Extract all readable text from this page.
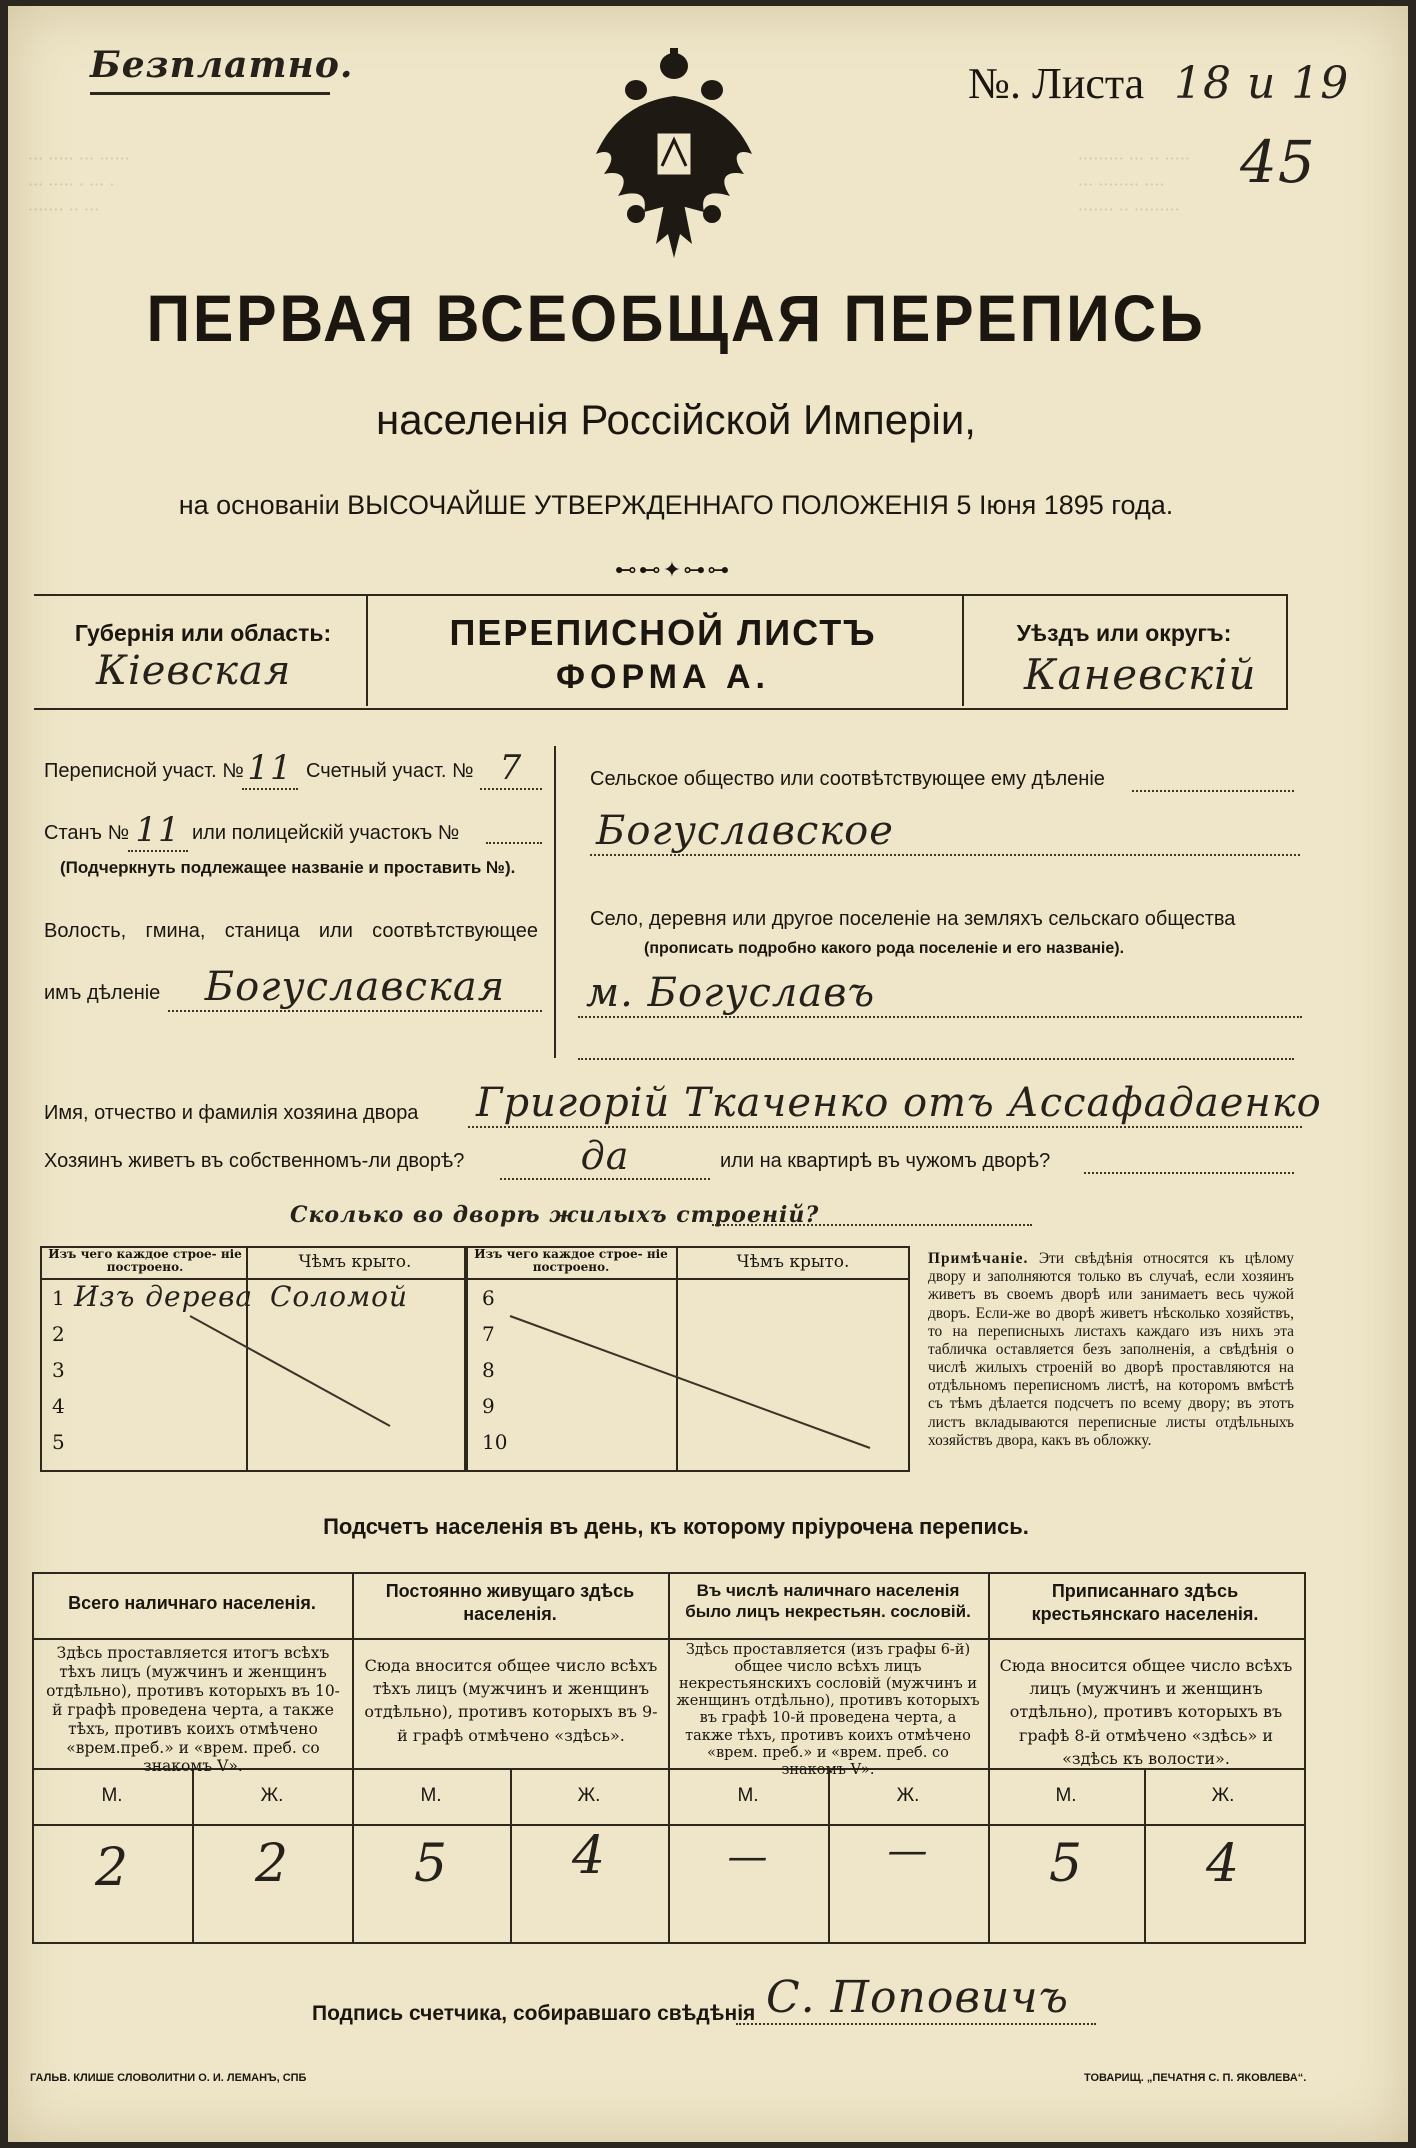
··· ····· ··· ······
··· ····· · ··· ·
······· ·· ···
········· ··· ·· ·····
··· ········ ····
······· ·· ·········
Безплатно.	№. Листа 18 и 19
45
ПЕРВАЯ ВСЕОБЩАЯ ПЕРЕПИСЬ
населенія Россійской Имперіи,
на основаніи ВЫСОЧАЙШЕ УТВЕРЖДЕННАГО ПОЛОЖЕНІЯ 5 Іюня 1895 года.
⊷⊷✦⊶⊶
Губернія или область:
Кіевская
ПЕРЕПИСНОЙ ЛИСТЪ
ФОРМА А.
Уѣздъ или округъ:
Каневскій
Переписной участ. № 11 Счетный участ. № 7
Станъ № 11 или полицейскій участокъ №
(Подчеркнуть подлежащее названіе и проставить №).
Волость, гмина, станица или соотвѣтствующее
имъ дѣленіе	Богуславская
Сельское общество или соотвѣтствующее ему дѣленіе
Богуславское
Село, деревня или другое поселеніе на земляхъ сельскаго общества
(прописать подробно какого рода поселеніе и его названіе).
м. Богуславъ
Имя, отчество и фамилія хозяина двора Григорій Ткаченко отъ Ассафадаенко
Хозяинъ живетъ въ собственномъ-ли дворѣ?	да	или на квартирѣ въ чужомъ дворѣ?
Сколько во дворѣ жилыхъ строеній?
Изъ чего каждое строе- ніе построено.	Чѣмъ крыто.	Изъ чего каждое строе- ніе построено.	Чѣмъ крыто.
1 Изъ дерева Соломой
2
3
4
5
6
7
8
9
10
Примѣчаніе. Эти свѣдѣнія относятся къ цѣлому двору и заполняются только въ случаѣ, если хозяинъ живетъ въ своемъ дворѣ или занимаетъ весь чужой дворъ. Если-же во дворѣ живетъ нѣсколько хозяйствъ, то на переписныхъ листахъ каждаго изъ нихъ эта табличка оставляется безъ заполненія, а свѣдѣнія о числѣ жилыхъ строеній во дворѣ проставляются на отдѣльномъ переписномъ листѣ, на которомъ вмѣстѣ съ тѣмъ дѣлается подсчетъ по всему двору; въ этотъ листъ вкладываются переписные листы отдѣльныхъ хозяйствъ двора, какъ въ обложку.
Подсчетъ населенія въ день, къ которому пріурочена перепись.
Всего наличнаго населенія.
Постоянно живущаго здѣсь населенія.
Въ числѣ наличнаго населенія было лицъ некрестьян. сословій.
Приписаннаго здѣсь крестьянскаго населенія.
Здѣсь проставляется итогъ всѣхъ тѣхъ лицъ (мужчинъ и женщинъ отдѣльно), противъ которыхъ въ 10-й графѣ проведена черта, а также тѣхъ, противъ коихъ отмѣчено «врем.преб.» и «врем. преб. со знакомъ V».
Сюда вносится общее число всѣхъ тѣхъ лицъ (мужчинъ и женщинъ отдѣльно), противъ которыхъ въ 9-й графѣ отмѣчено «здѣсь».
Здѣсь проставляется (изъ графы 6-й) общее число всѣхъ лицъ некрестьянскихъ сословій (мужчинъ и женщинъ отдѣльно), противъ которыхъ въ графѣ 10-й проведена черта, а также тѣхъ, противъ коихъ отмѣчено «врем. преб.» и «врем. преб. со знакомъ V».
Сюда вносится общее число всѣхъ лицъ (мужчинъ и женщинъ отдѣльно), противъ которыхъ въ графѣ 8-й отмѣчено «здѣсь» и «здѣсь къ волости».
М.	Ж.	М.	Ж.	М.	Ж.	М.	Ж.
2	2	5	4	—	—	5	4
Подпись счетчика, собиравшаго свѣдѣнія С. Поповичъ
ГАЛЬВ. КЛИШЕ СЛОВОЛИТНИ О. И. ЛЕМАНЪ, СПБ	ТОВАРИЩ. „ПЕЧАТНЯ С. П. ЯКОВЛЕВА“.
